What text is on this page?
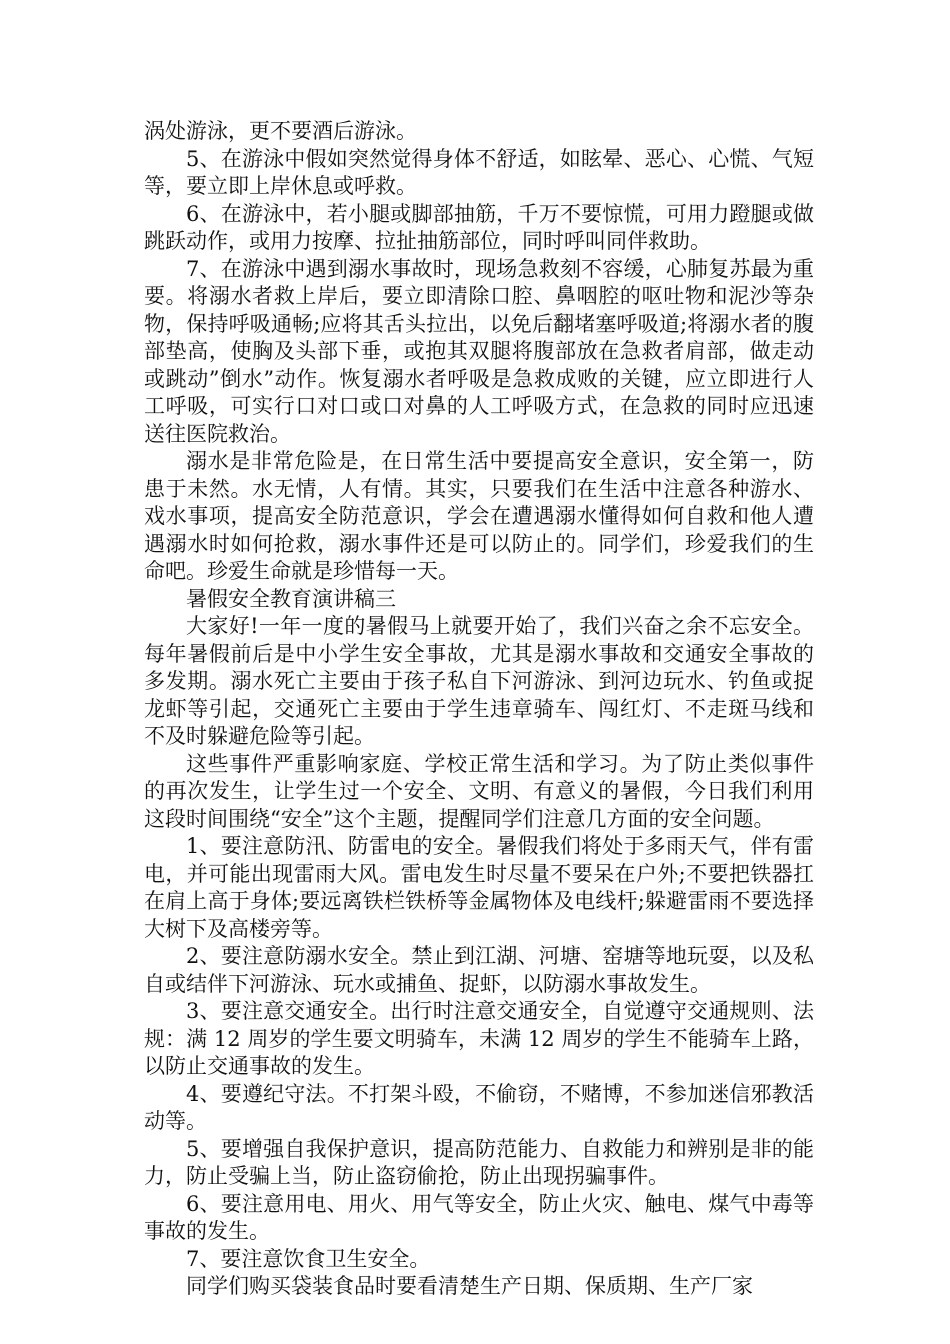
涡处游泳，更不要酒后游泳。

5、在游泳中假如突然觉得身体不舒适，如眩晕、恶心、心慌、气短等，要立即上岸休息或呼救。

6、在游泳中，若小腿或脚部抽筋，千万不要惊慌，可用力蹬腿或做跳跃动作，或用力按摩、拉扯抽筋部位，同时呼叫同伴救助。

7、在游泳中遇到溺水事故时，现场急救刻不容缓，心肺复苏最为重要。将溺水者救上岸后，要立即清除口腔、鼻咽腔的呕吐物和泥沙等杂物，保持呼吸通畅;应将其舌头拉出，以免后翻堵塞呼吸道;将溺水者的腹部垫高，使胸及头部下垂，或抱其双腿将腹部放在急救者肩部，做走动或跳动”倒水”动作。恢复溺水者呼吸是急救成败的关键，应立即进行人工呼吸，可实行口对口或口对鼻的人工呼吸方式，在急救的同时应迅速送往医院救治。

溺水是非常危险是，在日常生活中要提高安全意识，安全第一，防患于未然。水无情，人有情。其实，只要我们在生活中注意各种游水、戏水事项，提高安全防范意识，学会在遭遇溺水懂得如何自救和他人遭遇溺水时如何抢救，溺水事件还是可以防止的。同学们，珍爱我们的生命吧。珍爱生命就是珍惜每一天。

暑假安全教育演讲稿三

大家好!一年一度的暑假马上就要开始了，我们兴奋之余不忘安全。每年暑假前后是中小学生安全事故，尤其是溺水事故和交通安全事故的多发期。溺水死亡主要由于孩子私自下河游泳、到河边玩水、钓鱼或捉龙虾等引起，交通死亡主要由于学生违章骑车、闯红灯、不走斑马线和不及时躲避危险等引起。

这些事件严重影响家庭、学校正常生活和学习。为了防止类似事件的再次发生，让学生过一个安全、文明、有意义的暑假，今日我们利用这段时间围绕“安全”这个主题，提醒同学们注意几方面的安全问题。

1、要注意防汛、防雷电的安全。暑假我们将处于多雨天气，伴有雷电，并可能出现雷雨大风。雷电发生时尽量不要呆在户外;不要把铁器扛在肩上高于身体;要远离铁栏铁桥等金属物体及电线杆;躲避雷雨不要选择大树下及高楼旁等。

2、要注意防溺水安全。禁止到江湖、河塘、窑塘等地玩耍，以及私自或结伴下河游泳、玩水或捕鱼、捉虾，以防溺水事故发生。

3、要注意交通安全。出行时注意交通安全，自觉遵守交通规则、法规：满 12 周岁的学生要文明骑车，未满 12 周岁的学生不能骑车上路，以防止交通事故的发生。

4、要遵纪守法。不打架斗殴，不偷窃，不赌博，不参加迷信邪教活动等。

5、要增强自我保护意识，提高防范能力、自救能力和辨别是非的能力，防止受骗上当，防止盗窃偷抢，防止出现拐骗事件。

6、要注意用电、用火、用气等安全，防止火灾、触电、煤气中毒等事故的发生。

7、要注意饮食卫生安全。

同学们购买袋装食品时要看清楚生产日期、保质期、生产厂家
